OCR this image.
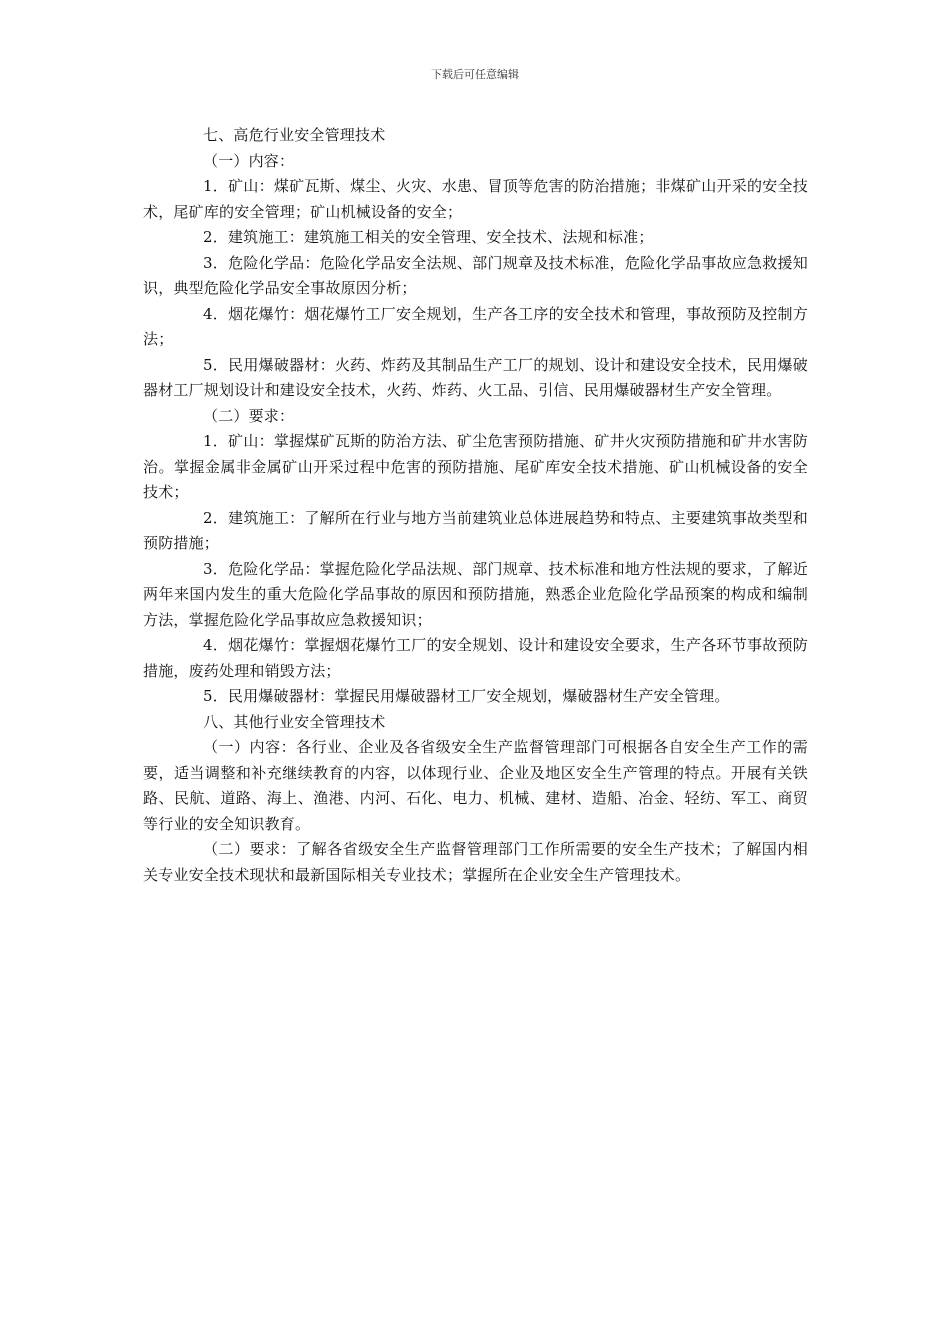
下载后可任意编辑

七、高危行业安全管理技术

（一）内容：

1．矿山：煤矿瓦斯、煤尘、火灾、水患、冒顶等危害的防治措施；非煤矿山开采的安全技术，尾矿库的安全管理；矿山机械设备的安全；

2．建筑施工：建筑施工相关的安全管理、安全技术、法规和标准；

3．危险化学品：危险化学品安全法规、部门规章及技术标准，危险化学品事故应急救援知识，典型危险化学品安全事故原因分析；

4．烟花爆竹：烟花爆竹工厂安全规划，生产各工序的安全技术和管理，事故预防及控制方法；

5．民用爆破器材：火药、炸药及其制品生产工厂的规划、设计和建设安全技术，民用爆破器材工厂规划设计和建设安全技术，火药、炸药、火工品、引信、民用爆破器材生产安全管理。

（二）要求：

1．矿山：掌握煤矿瓦斯的防治方法、矿尘危害预防措施、矿井火灾预防措施和矿井水害防治。掌握金属非金属矿山开采过程中危害的预防措施、尾矿库安全技术措施、矿山机械设备的安全技术；

2．建筑施工：了解所在行业与地方当前建筑业总体进展趋势和特点、主要建筑事故类型和预防措施；

3．危险化学品：掌握危险化学品法规、部门规章、技术标准和地方性法规的要求，了解近两年来国内发生的重大危险化学品事故的原因和预防措施，熟悉企业危险化学品预案的构成和编制方法，掌握危险化学品事故应急救援知识；

4．烟花爆竹：掌握烟花爆竹工厂的安全规划、设计和建设安全要求，生产各环节事故预防措施，废药处理和销毁方法；

5．民用爆破器材：掌握民用爆破器材工厂安全规划，爆破器材生产安全管理。

八、其他行业安全管理技术

（一）内容：各行业、企业及各省级安全生产监督管理部门可根据各自安全生产工作的需要，适当调整和补充继续教育的内容，以体现行业、企业及地区安全生产管理的特点。开展有关铁路、民航、道路、海上、渔港、内河、石化、电力、机械、建材、造船、冶金、轻纺、军工、商贸等行业的安全知识教育。

（二）要求：了解各省级安全生产监督管理部门工作所需要的安全生产技术；了解国内相关专业安全技术现状和最新国际相关专业技术；掌握所在企业安全生产管理技术。
